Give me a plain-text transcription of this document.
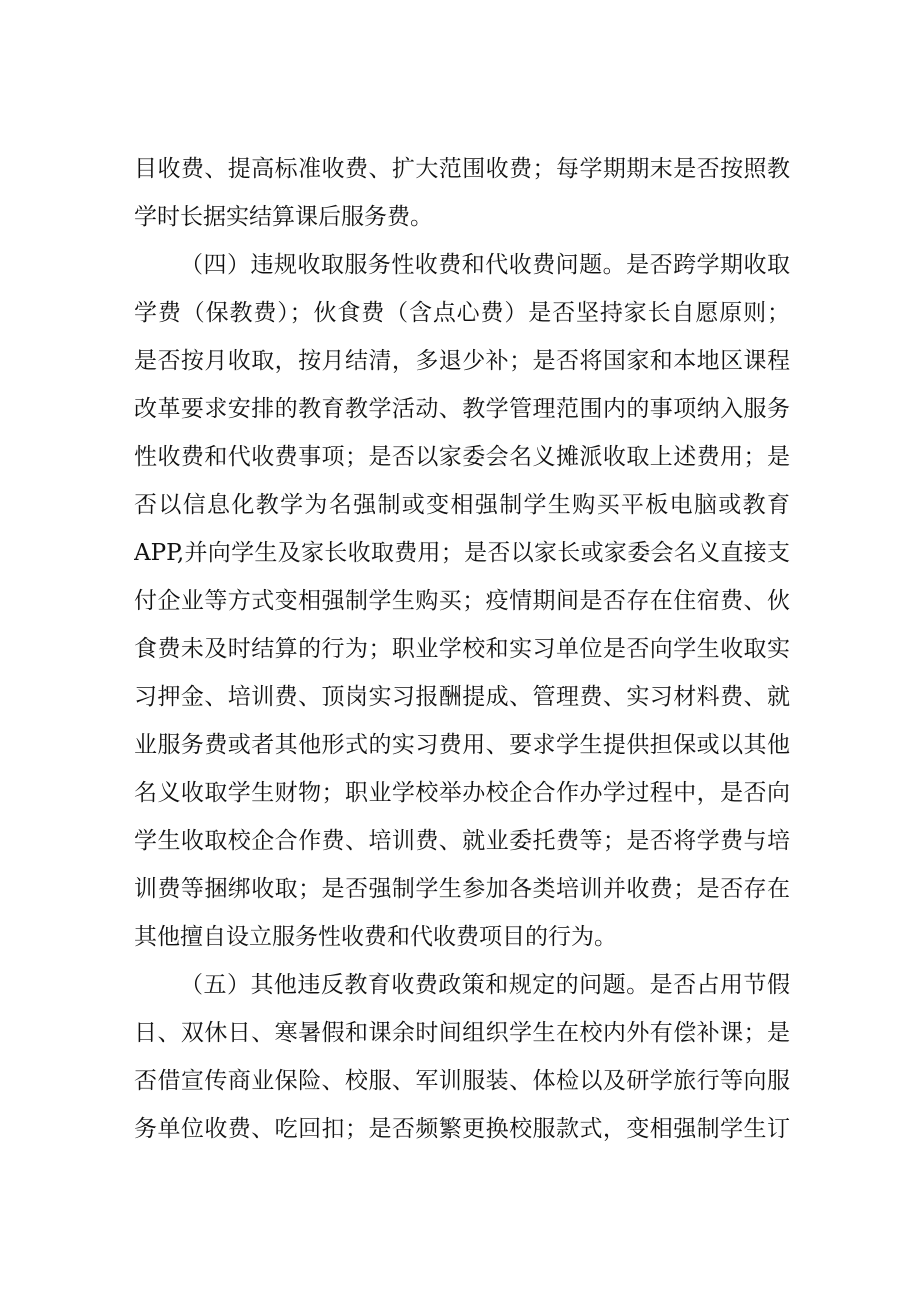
目收费、提高标准收费、扩大范围收费；每学期期末是否按照教
学时长据实结算课后服务费。
（四）违规收取服务性收费和代收费问题。是否跨学期收取
学费（保教费）；伙食费（含点心费）是否坚持家长自愿原则；
是否按月收取，按月结清，多退少补；是否将国家和本地区课程
改革要求安排的教育教学活动、教学管理范围内的事项纳入服务
性收费和代收费事项；是否以家委会名义摊派收取上述费用；是
否以信息化教学为名强制或变相强制学生购买平板电脑或教育
APP,并向学生及家长收取费用；是否以家长或家委会名义直接支
付企业等方式变相强制学生购买；疫情期间是否存在住宿费、伙
食费未及时结算的行为；职业学校和实习单位是否向学生收取实
习押金、培训费、顶岗实习报酬提成、管理费、实习材料费、就
业服务费或者其他形式的实习费用、要求学生提供担保或以其他
名义收取学生财物；职业学校举办校企合作办学过程中，是否向
学生收取校企合作费、培训费、就业委托费等；是否将学费与培
训费等捆绑收取；是否强制学生参加各类培训并收费；是否存在
其他擅自设立服务性收费和代收费项目的行为。
（五）其他违反教育收费政策和规定的问题。是否占用节假
日、双休日、寒暑假和课余时间组织学生在校内外有偿补课；是
否借宣传商业保险、校服、军训服装、体检以及研学旅行等向服
务单位收费、吃回扣；是否频繁更换校服款式，变相强制学生订
